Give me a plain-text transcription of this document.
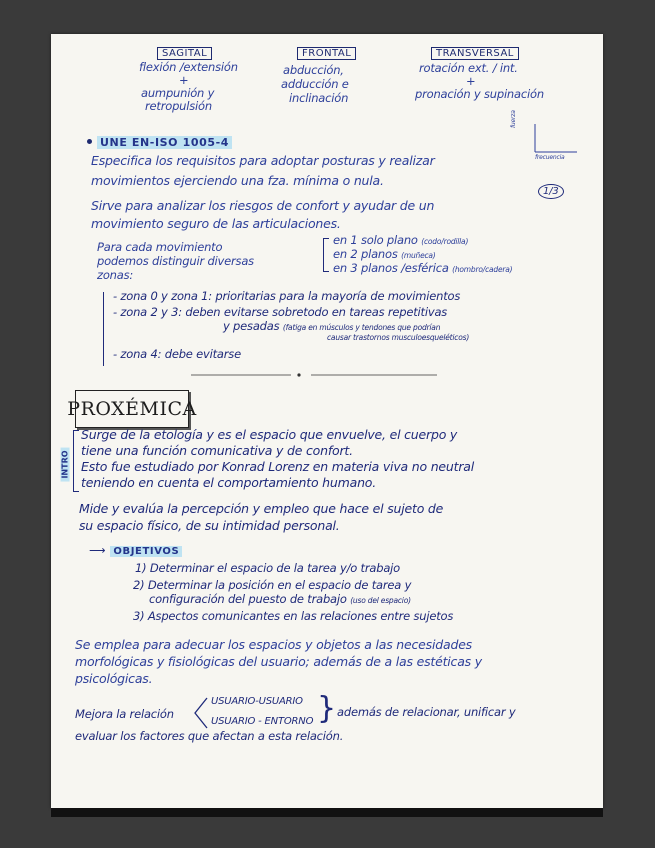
SAGITAL	FRONTAL	TRANSVERSAL
flexión /extensión
+
aumpunión y
retropulsión
abducción,
adducción e
inclinación
rotación ext. / int.
+
pronación y supinación
UNE EN-ISO 1005-4
fuerza
frecuencia
Especifica los requisitos para adoptar posturas y realizar
movimientos ejerciendo una fza. mínima o nula.
1/3
Sirve para analizar los riesgos de confort y ayudar de un
movimiento seguro de las articulaciones.
Para cada movimiento
podemos distinguir diversas
zonas:
en 1 solo plano (codo/rodilla)
en 2 planos (muñeca)
en 3 planos /esférica (hombro/cadera)
- zona 0 y zona 1: prioritarias para la mayoría de movimientos
- zona 2 y 3: deben evitarse sobretodo en tareas repetitivas
y pesadas (fatiga en músculos y tendones que podrían
causar trastornos musculoesqueléticos)
- zona 4: debe evitarse
PROXÉMICA
INTRO
Surge de la etología y es el espacio que envuelve, el cuerpo y
tiene una función comunicativa y de confort.
Esto fue estudiado por Konrad Lorenz en materia viva no neutral
teniendo en cuenta el comportamiento humano.
Mide y evalúa la percepción y empleo que hace el sujeto de
su espacio físico, de su intimidad personal.
⟶ OBJETIVOS
1) Determinar el espacio de la tarea y/o trabajo
2) Determinar la posición en el espacio de tarea y
configuración del puesto de trabajo (uso del espacio)
3) Aspectos comunicantes en las relaciones entre sujetos
Se emplea para adecuar los espacios y objetos a las necesidades
morfológicas y fisiológicas del usuario; además de a las estéticas y
psicológicas.
Mejora la relación
USUARIO-USUARIO
USUARIO - ENTORNO } además de relacionar, unificar y
evaluar los factores que afectan a esta relación.
